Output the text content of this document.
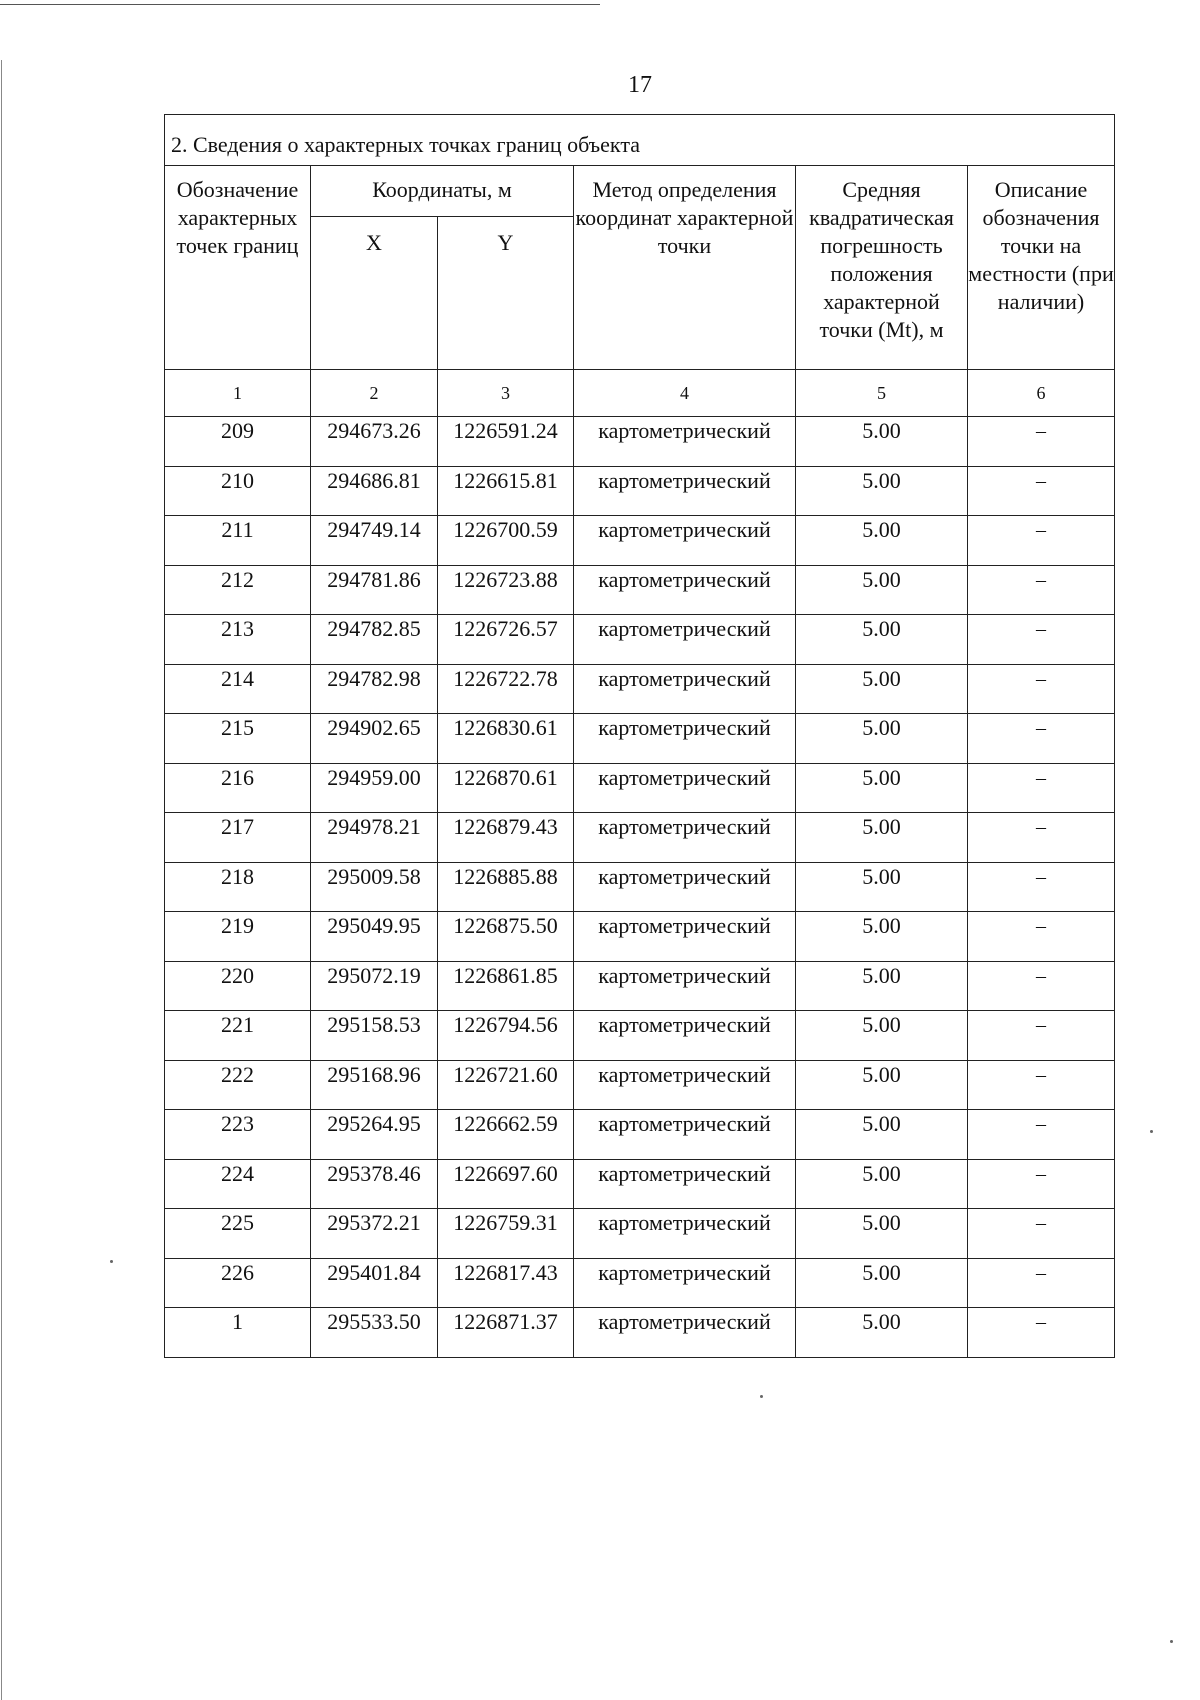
17
2. Сведения о характерных точках границ объекта					
Обозначение характерных точек границ	Координаты, м		Метод определения координат характерной точки	Средняя квадратическая погрешность положения характерной точки (Mt), м	Описание обозначения точки на местности (при наличии)
	X	Y			
1	2	3	4	5	6
209	294673.26	1226591.24	картометрический	5.00	–
210	294686.81	1226615.81	картометрический	5.00	–
211	294749.14	1226700.59	картометрический	5.00	–
212	294781.86	1226723.88	картометрический	5.00	–
213	294782.85	1226726.57	картометрический	5.00	–
214	294782.98	1226722.78	картометрический	5.00	–
215	294902.65	1226830.61	картометрический	5.00	–
216	294959.00	1226870.61	картометрический	5.00	–
217	294978.21	1226879.43	картометрический	5.00	–
218	295009.58	1226885.88	картометрический	5.00	–
219	295049.95	1226875.50	картометрический	5.00	–
220	295072.19	1226861.85	картометрический	5.00	–
221	295158.53	1226794.56	картометрический	5.00	–
222	295168.96	1226721.60	картометрический	5.00	–
223	295264.95	1226662.59	картометрический	5.00	–
224	295378.46	1226697.60	картометрический	5.00	–
225	295372.21	1226759.31	картометрический	5.00	–
226	295401.84	1226817.43	картометрический	5.00	–
1	295533.50	1226871.37	картометрический	5.00	–
